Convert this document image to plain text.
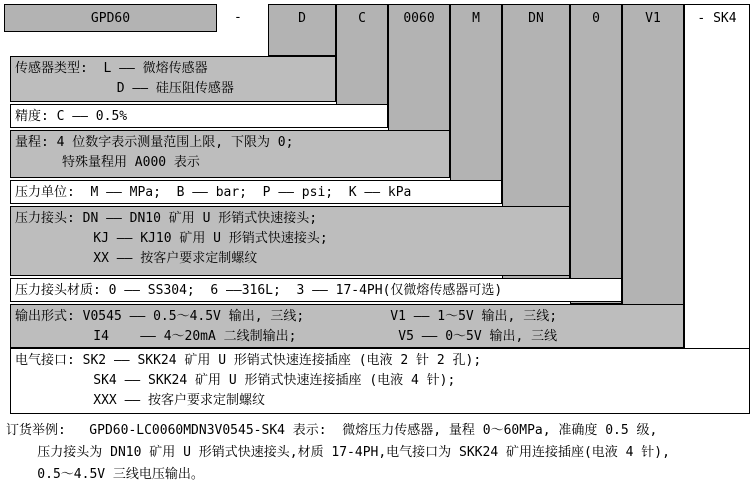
GPD60	-	D	C	0060	M	DN	0	V1	- SK4
传感器类型:  L —— 微熔传感器
D —— 硅压阻传感器
精度: C —— 0.5%
量程: 4 位数字表示测量范围上限, 下限为 0;
特殊量程用 A000 表示
压力单位:  M —— MPa;  B —— bar;  P —— psi;  K —— kPa
压力接头: DN —— DN10 矿用 U 形销式快速接头;
KJ —— KJ10 矿用 U 形销式快速接头;
XX —— 按客户要求定制螺纹
压力接头材质: 0 —— SS304;  6 ——316L;  3 —— 17-4PH(仅微熔传感器可选)
输出形式: V0545 —— 0.5～4.5V 输出, 三线;           V1 —— 1～5V 输出, 三线;
I4    —— 4～20mA 二线制输出;             V5 —— 0～5V 输出, 三线
电气接口: SK2 —— SKK24 矿用 U 形销式快速连接插座 (电液 2 针 2 孔);
SK4 —— SKK24 矿用 U 形销式快速连接插座 (电液 4 针);
XXX —— 按客户要求定制螺纹
订货举例:   GPD60-LC0060MDN3V0545-SK4 表示:  微熔压力传感器, 量程 0～60MPa, 准确度 0.5 级,
压力接头为 DN10 矿用 U 形销式快速接头,材质 17-4PH,电气接口为 SKK24 矿用连接插座(电液 4 针),
0.5～4.5V 三线电压输出。
